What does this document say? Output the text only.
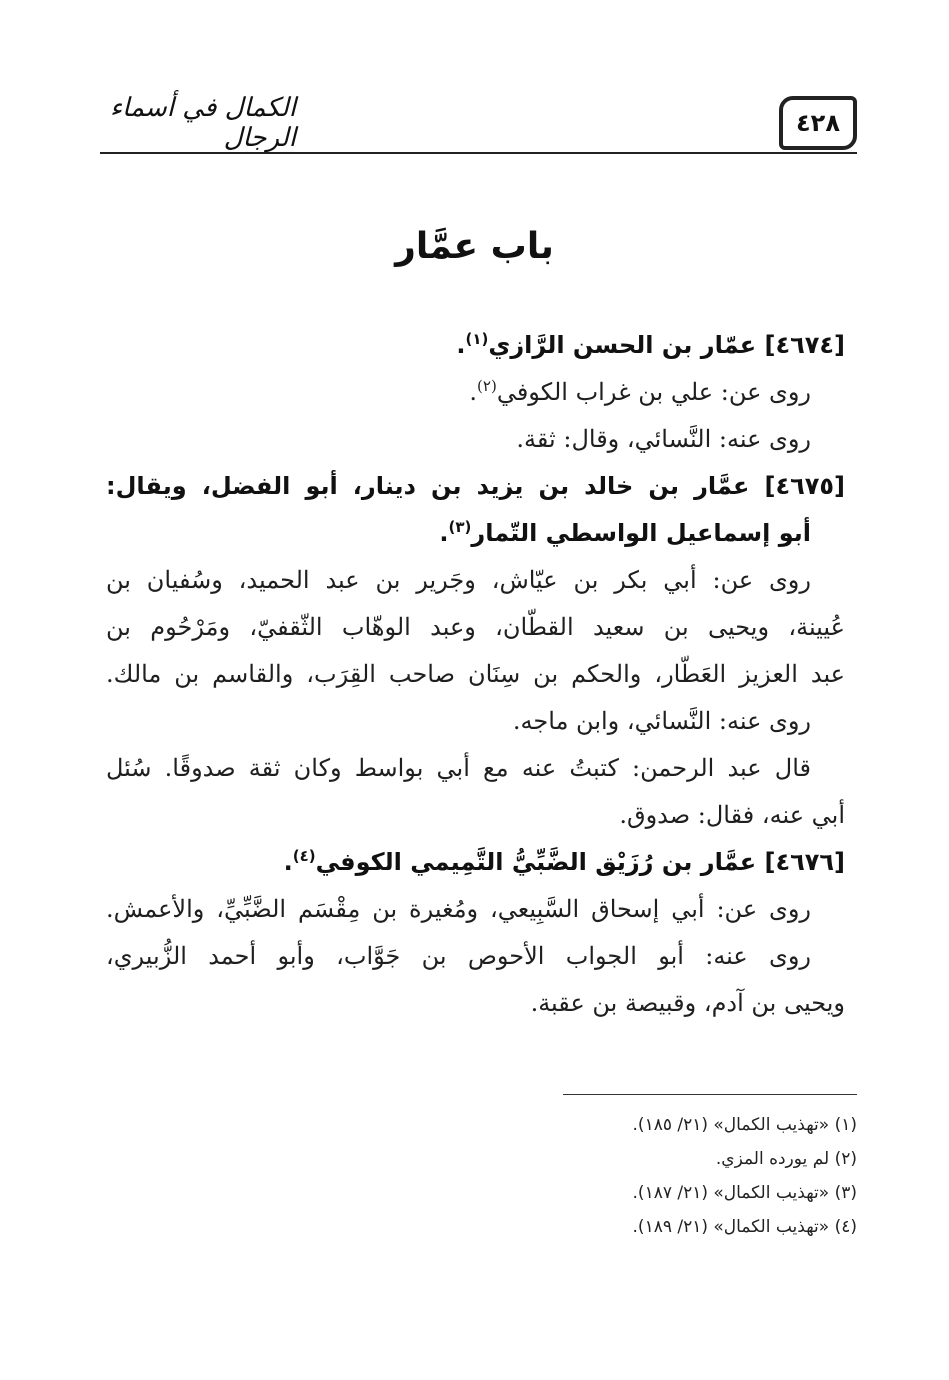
٤٢٨
الكمال في أسماء الرجال
باب عمَّار
[٤٦٧٤] عمّار بن الحسن الرَّازي$^{(١)}$.
روى عن: علي بن غراب الكوفي$^{(٢)}$.
روى عنه: النَّسائي، وقال: ثقة.
[٤٦٧٥] عمَّار بن خالد بن يزيد بن دينار، أبو الفضل، ويقال:
أبو إسماعيل الواسطي التّمار$^{(٣)}$.
روى عن: أبي بكر بن عيّاش، وجَرير بن عبد الحميد، وسُفيان بن
عُيينة، ويحيى بن سعيد القطّان، وعبد الوهّاب الثّقفيّ، ومَرْحُوم بن
عبد العزيز العَطّار، والحكم بن سِنَان صاحب القِرَب، والقاسم بن مالك.
روى عنه: النَّسائي، وابن ماجه.
قال عبد الرحمن: كتبتُ عنه مع أبي بواسط وكان ثقة صدوقًا. سُئل
أبي عنه، فقال: صدوق.
[٤٦٧٦] عمَّار بن رُزَيْق الضَّبِّيُّ التَّمِيمي الكوفي$^{(٤)}$.
روى عن: أبي إسحاق السَّبِيعي، ومُغيرة بن مِقْسَم الضَّبِّيِّ، والأعمش.
روى عنه: أبو الجواب الأحوص بن جَوَّاب، وأبو أحمد الزُّبيري،
ويحيى بن آدم، وقبيصة بن عقبة.
(١) «تهذيب الكمال» (٢١/ ١٨٥).
(٢) لم يورده المزي.
(٣) «تهذيب الكمال» (٢١/ ١٨٧).
(٤) «تهذيب الكمال» (٢١/ ١٨٩).
